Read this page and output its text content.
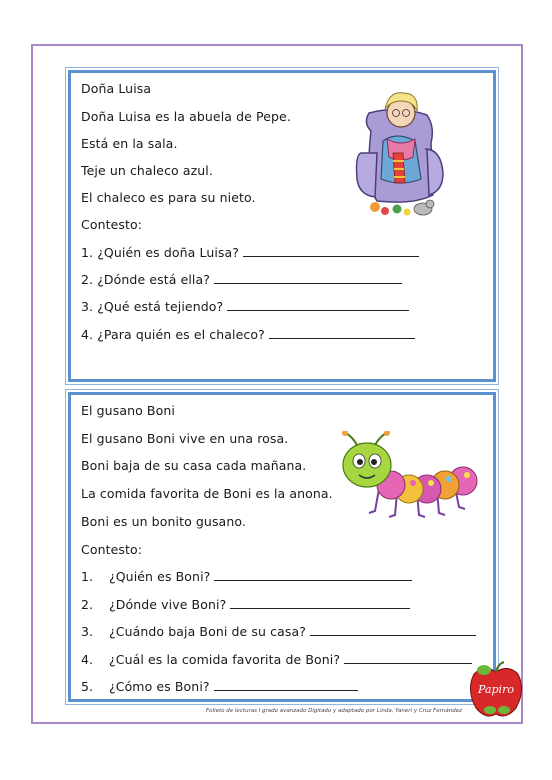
Doña Luisa
Doña Luisa es la abuela de Pepe.
Está en la sala.
Teje un chaleco azul.
El chaleco es para su nieto.
Contesto:
1. ¿Quién es doña Luisa?
2. ¿Dónde está ella?
3. ¿Qué está tejiendo?
4. ¿Para quién es el chaleco?
El gusano Boni
El gusano Boni vive en una rosa.
Boni baja de su casa cada mañana.
La comida favorita de Boni es la anona.
Boni es un bonito gusano.
Contesto:
1. ¿Quién es Boni?
2. ¿Dónde vive Boni?
3. ¿Cuándo baja Boni de su casa?
4. ¿Cuál es la comida favorita de Boni?
5. ¿Cómo es Boni?	Papiro
Folleto de lecturas I grado avanzado Digitado y adaptado por Linda, Yaneri y Cruz Fernández
